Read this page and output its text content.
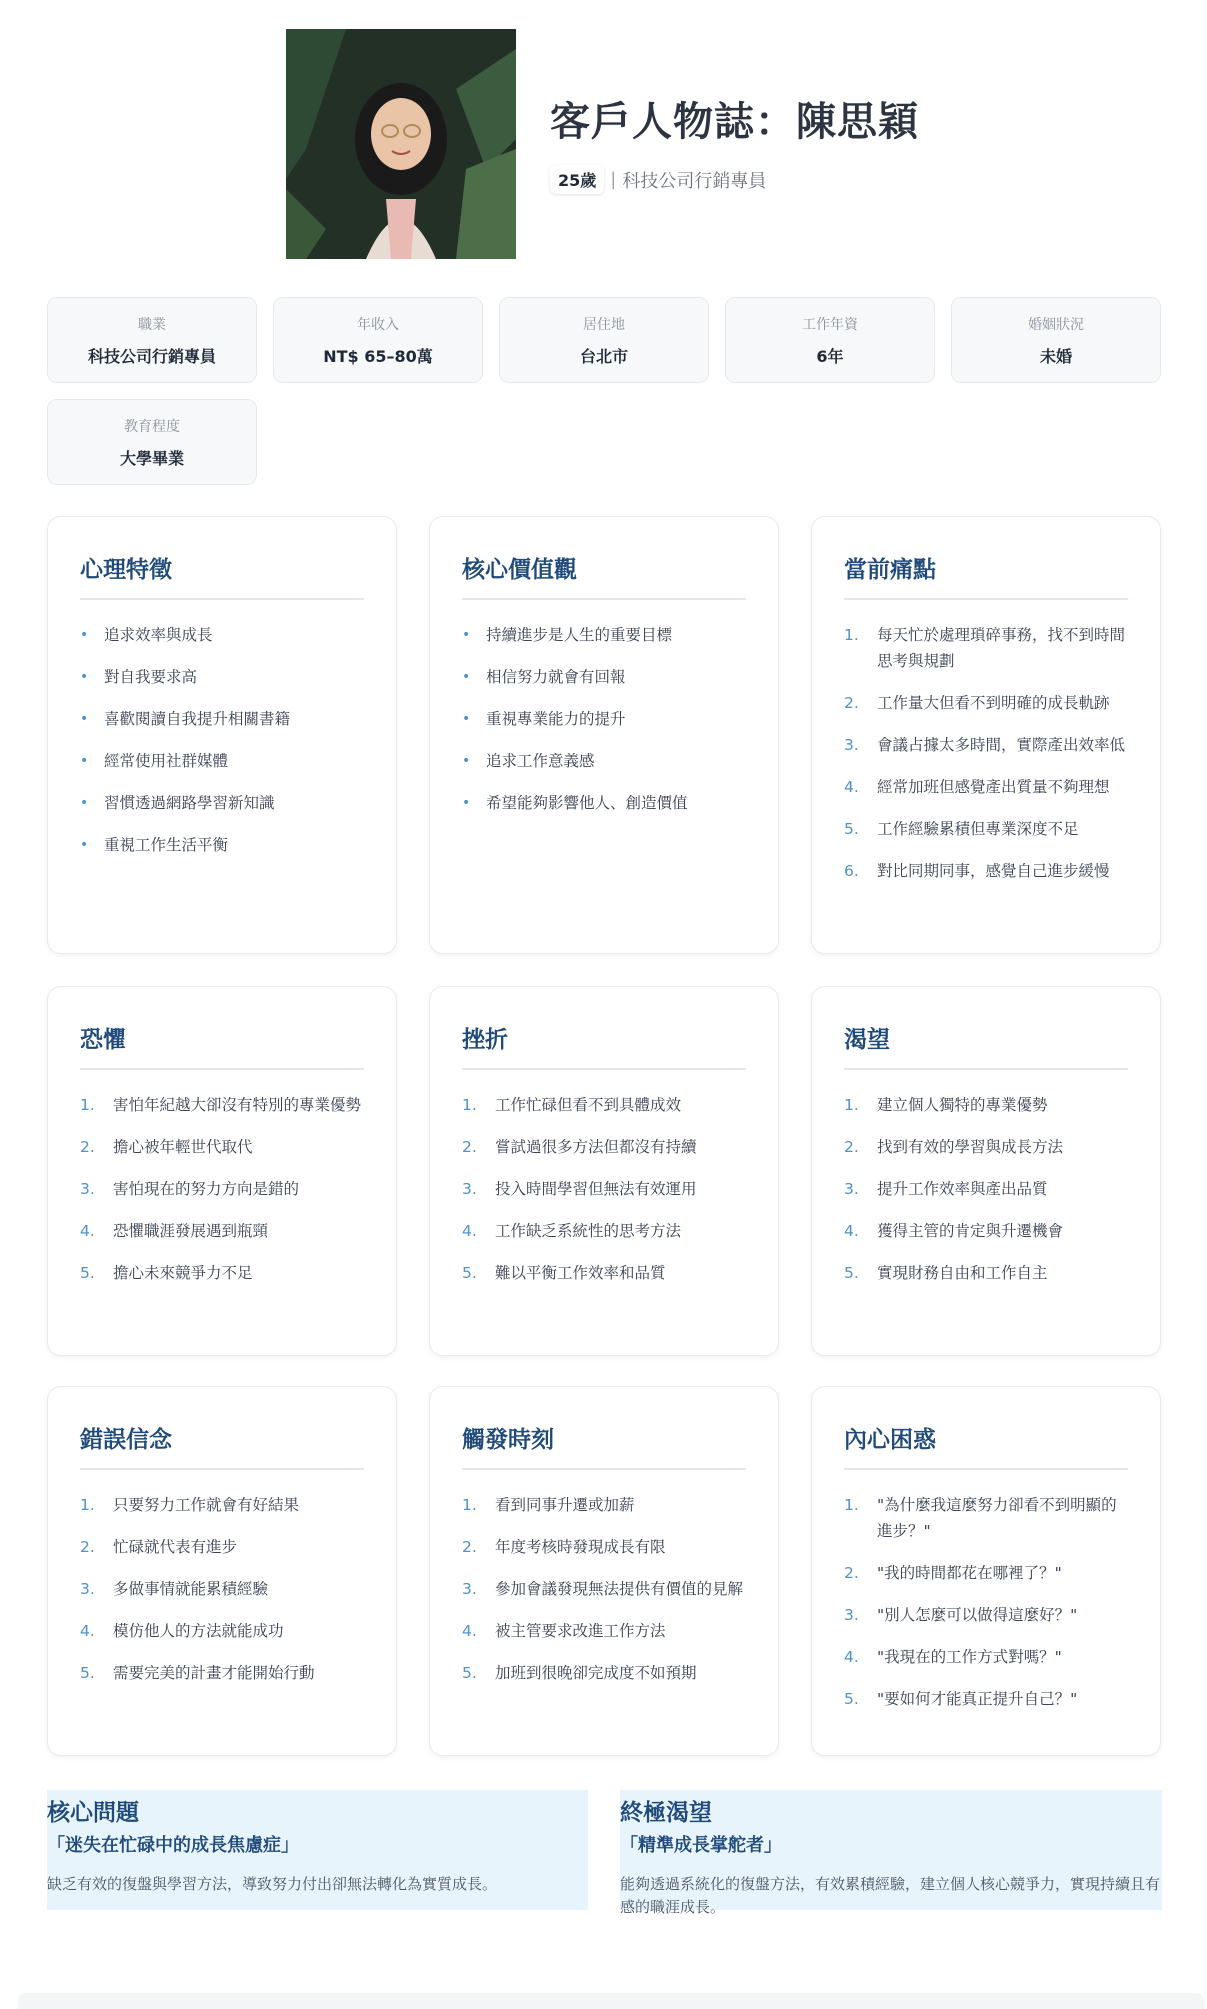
客戶人物誌：陳思穎
25歲 | 科技公司行銷專員
職業
科技公司行銷專員
年收入
NT$ 65–80萬
居住地
台北市
工作年資
6年
婚姻狀況
未婚
教育程度
大學畢業
心理特徵
•	追求效率與成長
•	對自我要求高
•	喜歡閱讀自我提升相關書籍
•	經常使用社群媒體
•	習慣透過網路學習新知識
•	重視工作生活平衡
核心價值觀
•	持續進步是人生的重要目標
•	相信努力就會有回報
•	重視專業能力的提升
•	追求工作意義感
•	希望能夠影響他人、創造價值
當前痛點
1.	每天忙於處理瑣碎事務，找不到時間思考與規劃
2.	工作量大但看不到明確的成長軌跡
3.	會議占據太多時間，實際產出效率低
4.	經常加班但感覺產出質量不夠理想
5.	工作經驗累積但專業深度不足
6.	對比同期同事，感覺自己進步緩慢
恐懼
1.	害怕年紀越大卻沒有特別的專業優勢
2.	擔心被年輕世代取代
3.	害怕現在的努力方向是錯的
4.	恐懼職涯發展遇到瓶頸
5.	擔心未來競爭力不足
挫折
1.	工作忙碌但看不到具體成效
2.	嘗試過很多方法但都沒有持續
3.	投入時間學習但無法有效運用
4.	工作缺乏系統性的思考方法
5.	難以平衡工作效率和品質
渴望
1.	建立個人獨特的專業優勢
2.	找到有效的學習與成長方法
3.	提升工作效率與產出品質
4.	獲得主管的肯定與升遷機會
5.	實現財務自由和工作自主
錯誤信念
1.	只要努力工作就會有好結果
2.	忙碌就代表有進步
3.	多做事情就能累積經驗
4.	模仿他人的方法就能成功
5.	需要完美的計畫才能開始行動
觸發時刻
1.	看到同事升遷或加薪
2.	年度考核時發現成長有限
3.	參加會議發現無法提供有價值的見解
4.	被主管要求改進工作方法
5.	加班到很晚卻完成度不如預期
內心困惑
1.	"為什麼我這麼努力卻看不到明顯的進步？"
2.	"我的時間都花在哪裡了？"
3.	"別人怎麼可以做得這麼好？"
4.	"我現在的工作方式對嗎？"
5.	"要如何才能真正提升自己？"
核心問題
「迷失在忙碌中的成長焦慮症」
缺乏有效的復盤與學習方法，導致努力付出卻無法轉化為實質成長。
終極渴望
「精準成長掌舵者」
能夠透過系統化的復盤方法，有效累積經驗，建立個人核心競爭力，實現持續且有感的職涯成長。
